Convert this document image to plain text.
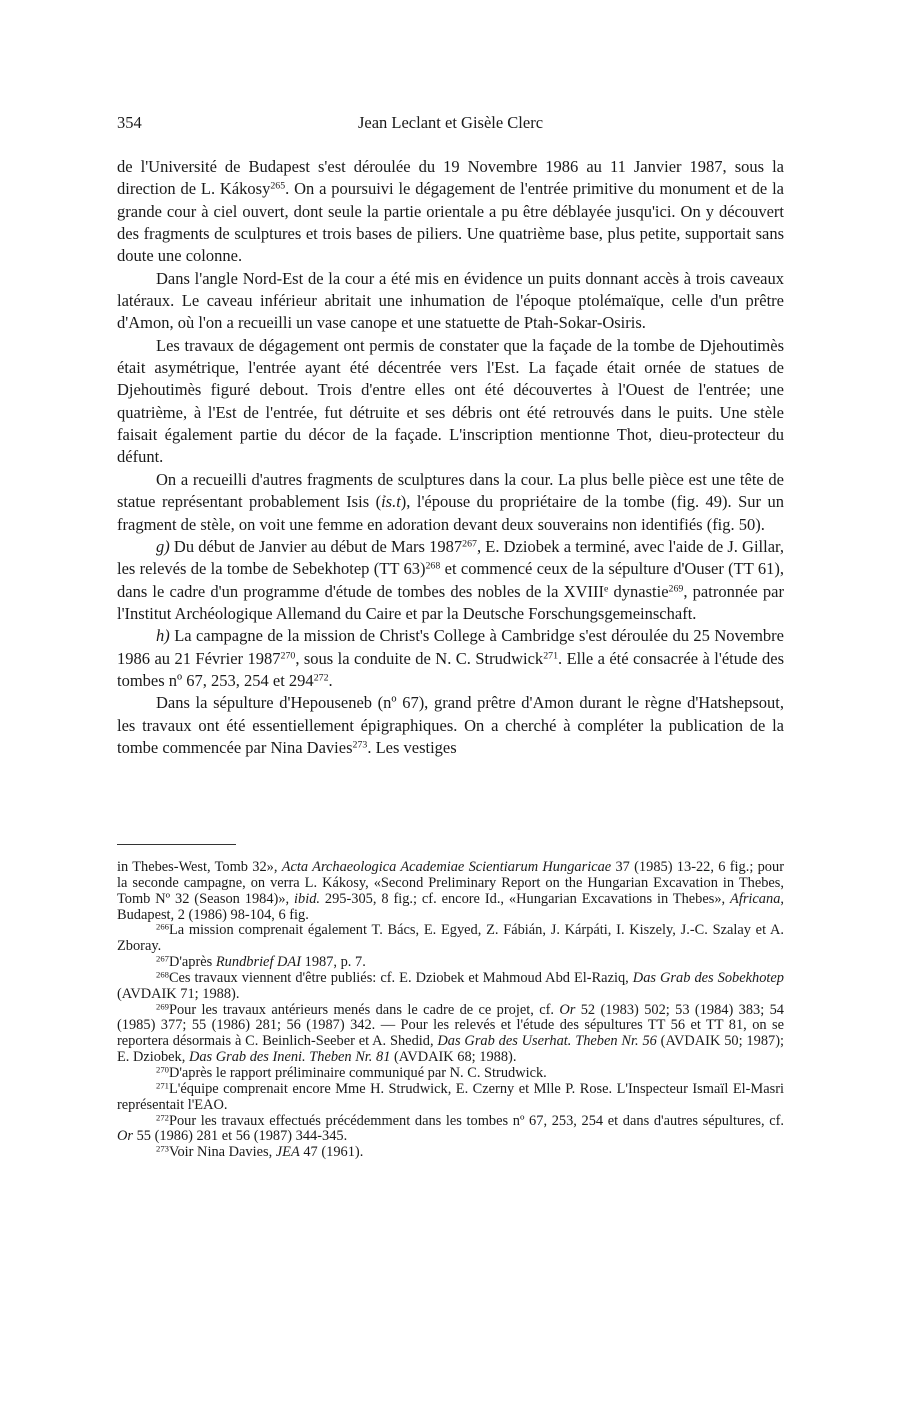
354	Jean Leclant et Gisèle Clerc

de l'Université de Budapest s'est déroulée du 19 Novembre 1986 au 11 Janvier 1987, sous la direction de L. Kákosy$^{265}$. On a poursuivi le dégagement de l'entrée primitive du monument et de la grande cour à ciel ouvert, dont seule la partie orientale a pu être déblayée jusqu'ici. On y découvert des fragments de sculptures et trois bases de piliers. Une quatrième base, plus petite, supportait sans doute une colonne.

Dans l'angle Nord-Est de la cour a été mis en évidence un puits donnant accès à trois caveaux latéraux. Le caveau inférieur abritait une inhumation de l'époque ptolémaïque, celle d'un prêtre d'Amon, où l'on a recueilli un vase canope et une statuette de Ptah-Sokar-Osiris.

Les travaux de dégagement ont permis de constater que la façade de la tombe de Djehoutimès était asymétrique, l'entrée ayant été décentrée vers l'Est. La façade était ornée de statues de Djehoutimès figuré debout. Trois d'entre elles ont été découvertes à l'Ouest de l'entrée; une quatrième, à l'Est de l'entrée, fut détruite et ses débris ont été retrouvés dans le puits. Une stèle faisait également partie du décor de la façade. L'inscription mentionne Thot, dieu-protecteur du défunt.

On a recueilli d'autres fragments de sculptures dans la cour. La plus belle pièce est une tête de statue représentant probablement Isis (ỉs.t), l'épouse du propriétaire de la tombe (fig. 49). Sur un fragment de stèle, on voit une femme en adoration devant deux souverains non identifiés (fig. 50).

g) Du début de Janvier au début de Mars 1987$^{267}$, E. Dziobek a terminé, avec l'aide de J. Gillar, les relevés de la tombe de Sebekhotep (TT 63)$^{268}$ et commencé ceux de la sépulture d'Ouser (TT 61), dans le cadre d'un programme d'étude de tombes des nobles de la XVIIIe dynastie$^{269}$, patronnée par l'Institut Archéologique Allemand du Caire et par la Deutsche Forschungsgemeinschaft.

h) La campagne de la mission de Christ's College à Cambridge s'est déroulée du 25 Novembre 1986 au 21 Février 1987$^{270}$, sous la conduite de N. C. Strudwick$^{271}$. Elle a été consacrée à l'étude des tombes nº 67, 253, 254 et $294^{272}$.

Dans la sépulture d'Hepouseneb (nº 67), grand prêtre d'Amon durant le règne d'Hatshepsout, les travaux ont été essentiellement épigraphiques. On a cherché à compléter la publication de la tombe commencée par Nina Davies$^{273}$. Les vestiges

in Thebes-West, Tomb 32», Acta Archaeologica Academiae Scientiarum Hungaricae 37 (1985) 13-22, 6 fig.; pour la seconde campagne, on verra L. Kákosy, «Second Preliminary Report on the Hungarian Excavation in Thebes, Tomb Nº 32 (Season 1984)», ibid. 295-305, 8 fig.; cf. encore Id., «Hungarian Excavations in Thebes», Africana, Budapest, 2 (1986) 98-104, 6 fig.

$^{266}$La mission comprenait également T. Bács, E. Egyed, Z. Fábián, J. Kárpáti, I. Kiszely, J.-C. Szalay et A. Zboray.

$^{267}$D'après Rundbrief DAI 1987, p. 7.

$^{268}$Ces travaux viennent d'être publiés: cf. E. Dziobek et Mahmoud Abd El-Raziq, Das Grab des Sobekhotep (AVDAIK 71; 1988).

$^{269}$Pour les travaux antérieurs menés dans le cadre de ce projet, cf. Or 52 (1983) 502; 53 (1984) 383; 54 (1985) 377; 55 (1986) 281; 56 (1987) 342. — Pour les relevés et l'étude des sépultures TT 56 et TT 81, on se reportera désormais à C. Beinlich-Seeber et A. Shedid, Das Grab des Userhat. Theben Nr. 56 (AVDAIK 50; 1987); E. Dziobek, Das Grab des Ineni. Theben Nr. 81 (AVDAIK 68; 1988).

$^{270}$D'après le rapport préliminaire communiqué par N. C. Strudwick.

$^{271}$L'équipe comprenait encore Mme H. Strudwick, E. Czerny et Mlle P. Rose. L'Inspecteur Ismaïl El-Masri représentait l'EAO.

$^{272}$Pour les travaux effectués précédemment dans les tombes nº 67, 253, 254 et dans d'autres sépultures, cf. Or 55 (1986) 281 et 56 (1987) 344-345.

$^{273}$Voir Nina Davies, JEA 47 (1961).
